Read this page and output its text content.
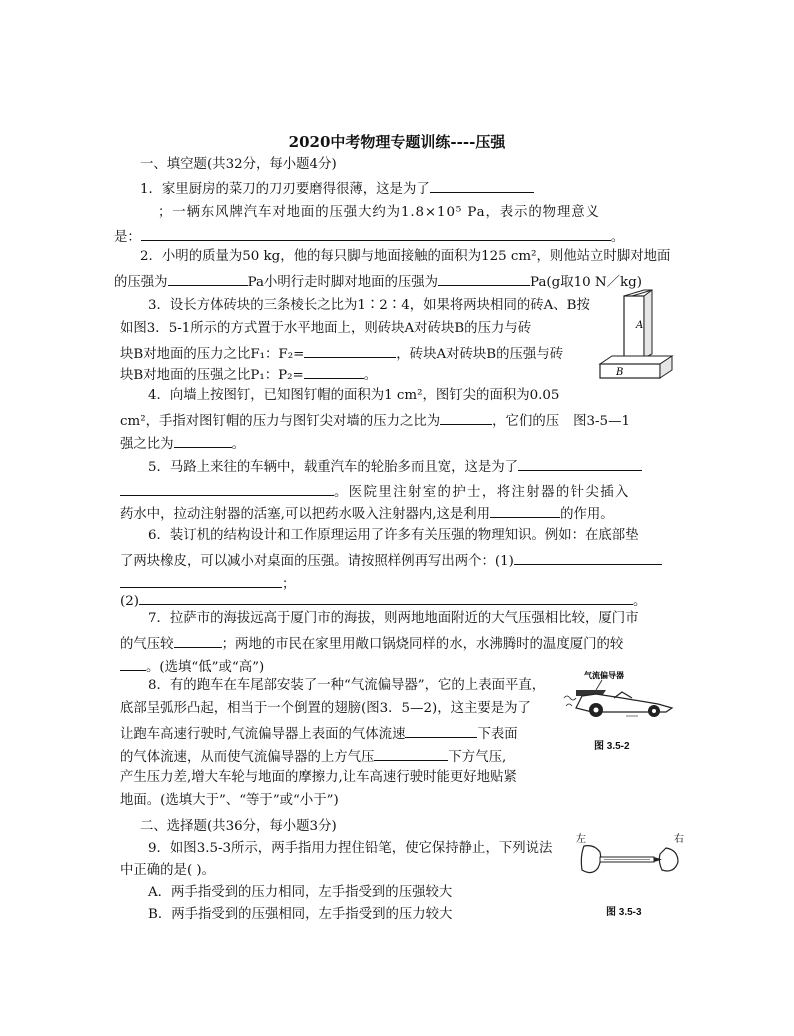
2020中考物理专题训练----压强
一、填空题(共32分，每小题4分)
1．家里厨房的菜刀的刀刃要磨得很薄，这是为了
；一辆东风牌汽车对地面的压强大约为1.8×10⁵ Pa，表示的物理意义
是：	。
2．小明的质量为50 kg，他的每只脚与地面接触的面积为125 cm²，则他站立时脚对地面
的压强为	Pa小明行走时脚对地面的压强为	Pa(g取10 N／kg)
3．设长方体砖块的三条棱长之比为1∶2∶4，如果将两块相同的砖A、B按
如图3．5-1所示的方式置于水平地面上，则砖块A对砖块B的压力与砖
块B对地面的压力之比F₁：F₂=	，砖块A对砖块B的压强与砖
块B对地面的压强之比P₁：P₂=	。
A
B
4．向墙上按图钉，已知图钉帽的面积为1 cm²，图钉尖的面积为0.05
cm²，手指对图钉帽的压力与图钉尖对墙的压力之比为	，它们的压 图3-5—1
强之比为	。
5．马路上来往的车辆中，载重汽车的轮胎多而且宽，这是为了
。医院里注射室的护士，将注射器的针尖插入
药水中，拉动注射器的活塞,可以把药水吸入注射器内,这是利用	的作用。
6．装订机的结构设计和工作原理运用了许多有关压强的物理知识。例如：在底部垫
了两块橡皮，可以减小对桌面的压强。请按照样例再写出两个：(1)
；
(2)	。
7．拉萨市的海拔远高于厦门市的海拔，则两地地面附近的大气压强相比较，厦门市
的气压较	；两地的市民在家里用敞口锅烧同样的水，水沸腾时的温度厦门的较
。(选填“低”或“高”)
8．有的跑车在车尾部安装了一种“气流偏导器”，它的上表面平直，
底部呈弧形凸起，相当于一个倒置的翅膀(图3．5—2)，这主要是为了
让跑车高速行驶时,气流偏导器上表面的气体流速	下表面
的气体流速，从而使气流偏导器的上方气压	下方气压,
产生压力差,增大车轮与地面的摩擦力,让车高速行驶时能更好地贴紧
地面。(选填大于”、“等于”或“小于”)
气流偏导器
图 3.5-2
二、选择题(共36分，每小题3分)
9．如图3.5-3所示，两手指用力捏住铅笔，使它保持静止，下列说法
中正确的是( )。
A．两手指受到的压力相同，左手指受到的压强较大
B．两手指受到的压强相同，左手指受到的压力较大
左	右
图 3.5-3
